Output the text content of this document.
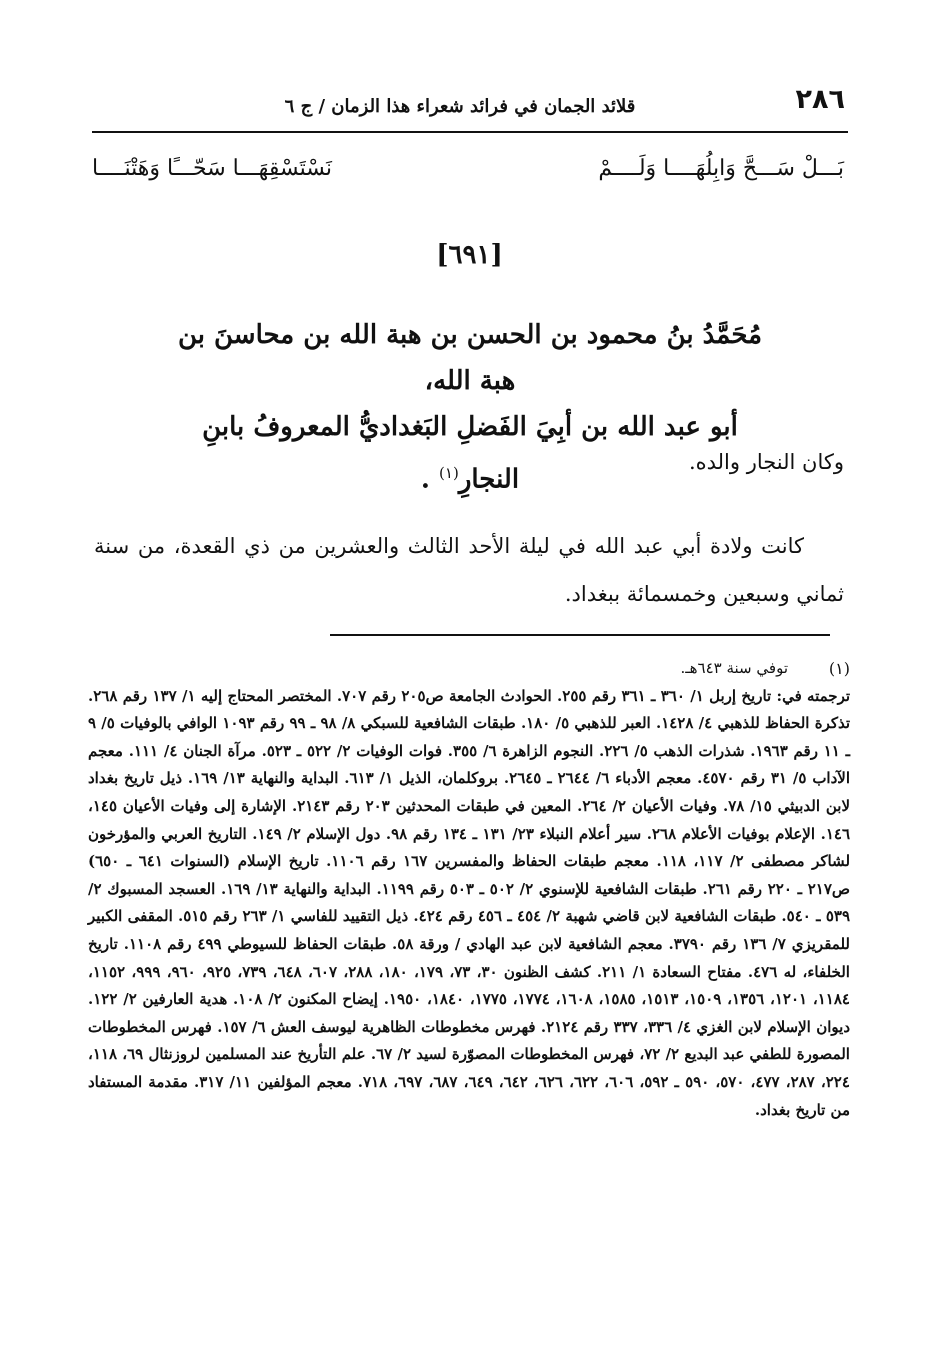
٢٨٦
قلائد الجمان في فرائد شعراء هذا الزمان / ج ٦
بَـــلْ سَـــحَّ وَابِلُهَــــا وَلَــــمْ
نَسْتَسْقِهَـــا سَحّـــًا وَهَتْنَــــا
[٦٩١]
مُحَمَّدُ بنُ محمود بن الحسن بن هبة الله بن محاسنَ بن هبة الله،
أبو عبد الله بن أبِيَ الفَضلِ البَغداديُّ المعروفُ بابنِ النجارِ$^{(١)}$ .
وكان النجار والده.
كانت ولادة أبي عبد الله في ليلة الأحد الثالث والعشرين من ذي القعدة، من سنة ثماني وسبعين وخمسمائة ببغداد.
(١)
توفي سنة ٦٤٣هـ.
ترجمته في: تاريخ إربل ١/ ٣٦٠ ـ ٣٦١ رقم ٢٥٥. الحوادث الجامعة ص٢٠٥ رقم ٧٠٧. المختصر المحتاج إليه ١/ ١٣٧ رقم ٢٦٨. تذكرة الحفاظ للذهبي ٤/ ١٤٢٨. العبر للذهبي ٥/ ١٨٠. طبقات الشافعية للسبكي ٨/ ٩٨ ـ ٩٩ رقم ١٠٩٣ الوافي بالوفيات ٥/ ٩ ـ ١١ رقم ١٩٦٣. شذرات الذهب ٥/ ٢٢٦. النجوم الزاهرة ٦/ ٣٥٥. فوات الوفيات ٢/ ٥٢٢ ـ ٥٢٣. مرآة الجنان ٤/ ١١١. معجم الآداب ٥/ ٣١ رقم ٤٥٧٠. معجم الأدباء ٦/ ٢٦٤٤ ـ ٢٦٤٥. بروكلمان، الذيل ١/ ٦١٣. البداية والنهاية ١٣/ ١٦٩. ذيل تاريخ بغداد لابن الدبيثي ١٥/ ٧٨. وفيات الأعيان ٢/ ٢٦٤. المعين في طبقات المحدثين ٢٠٣ رقم ٢١٤٣. الإشارة إلى وفيات الأعيان ١٤٥، ١٤٦. الإعلام بوفيات الأعلام ٢٦٨. سير أعلام النبلاء ٢٣/ ١٣١ ـ ١٣٤ رقم ٩٨. دول الإسلام ٢/ ١٤٩. التاريخ العربي والمؤرخون لشاكر مصطفى ٢/ ١١٧، ١١٨. معجم طبقات الحفاظ والمفسرين ١٦٧ رقم ١١٠٦. تاريخ الإسلام (السنوات ٦٤١ ـ ٦٥٠) ص٢١٧ ـ ٢٢٠ رقم ٢٦١. طبقات الشافعية للإسنوي ٢/ ٥٠٢ ـ ٥٠٣ رقم ١١٩٩. البداية والنهاية ١٣/ ١٦٩. العسجد المسبوك ٢/ ٥٣٩ ـ ٥٤٠. طبقات الشافعية لابن قاضي شهبة ٢/ ٤٥٤ ـ ٤٥٦ رقم ٤٢٤. ذيل التقييد للفاسي ١/ ٢٦٣ رقم ٥١٥. المقفى الكبير للمقريزي ٧/ ١٣٦ رقم ٣٧٩٠. معجم الشافعية لابن عبد الهادي / ورقة ٥٨. طبقات الحفاظ للسيوطي ٤٩٩ رقم ١١٠٨. تاريخ الخلفاء، له ٤٧٦. مفتاح السعادة ١/ ٢١١. كشف الظنون ٣٠، ٧٣، ١٧٩، ١٨٠، ٢٨٨، ٦٠٧، ٦٤٨، ٧٣٩، ٩٢٥، ٩٦٠، ٩٩٩، ١١٥٢، ١١٨٤، ١٢٠١، ١٣٥٦، ١٥٠٩، ١٥١٣، ١٥٨٥، ١٦٠٨، ١٧٧٤، ١٧٧٥، ١٨٤٠، ١٩٥٠. إيضاح المكنون ٢/ ١٠٨. هدية العارفين ٢/ ١٢٢. ديوان الإسلام لابن الغزي ٤/ ٣٣٦، ٣٣٧ رقم ٢١٢٤. فهرس مخطوطات الظاهرية ليوسف العش ٦/ ١٥٧. فهرس المخطوطات المصورة للطفي عبد البديع ٢/ ٧٢، فهرس المخطوطات المصوّرة لسيد ٢/ ٦٧. علم التأريخ عند المسلمين لروزنثال ٦٩، ١١٨، ٢٢٤، ٢٨٧، ٤٧٧، ٥٧٠، ٥٩٠ ـ ٥٩٢، ٦٠٦، ٦٢٢، ٦٢٦، ٦٤٢، ٦٤٩، ٦٨٧، ٦٩٧، ٧١٨. معجم المؤلفين ١١/ ٣١٧. مقدمة المستفاد من تاريخ بغداد.
